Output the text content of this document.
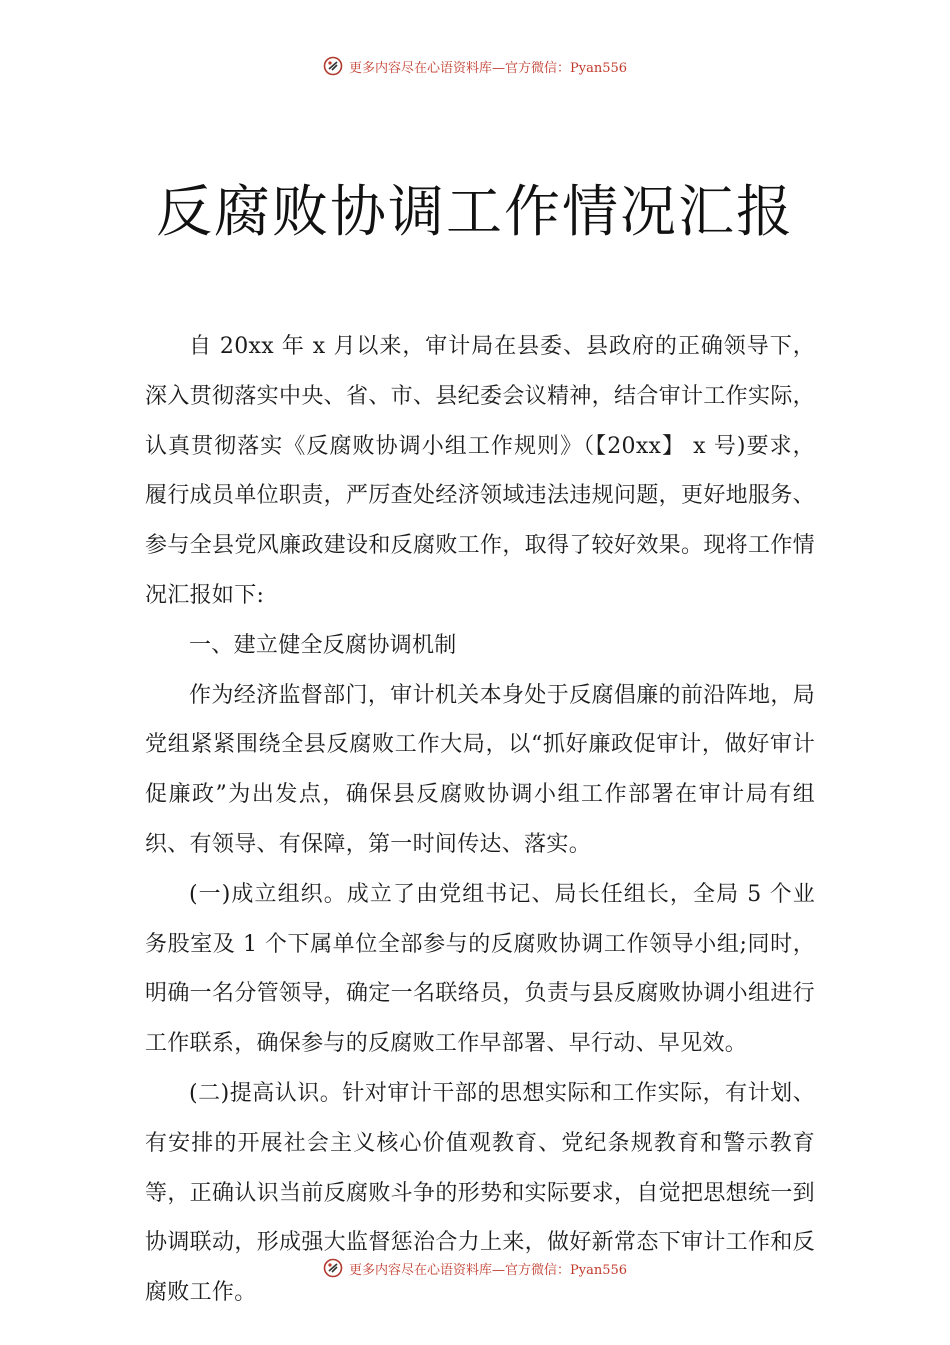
更多内容尽在心语资料库—官方微信：Pyan556
反腐败协调工作情况汇报

自 20xx 年 x 月以来，审计局在县委、县政府的正确领导下，深入贯彻落实中央、省、市、县纪委会议精神，结合审计工作实际，认真贯彻落实《反腐败协调小组工作规则》（【20xx】 x 号)要求，履行成员单位职责，严厉查处经济领域违法违规问题，更好地服务、参与全县党风廉政建设和反腐败工作，取得了较好效果。现将工作情况汇报如下:

一、建立健全反腐协调机制

作为经济监督部门，审计机关本身处于反腐倡廉的前沿阵地，局党组紧紧围绕全县反腐败工作大局，以“抓好廉政促审计，做好审计促廉政”为出发点，确保县反腐败协调小组工作部署在审计局有组织、有领导、有保障，第一时间传达、落实。

(一)成立组织。成立了由党组书记、局长任组长，全局 5 个业务股室及 1 个下属单位全部参与的反腐败协调工作领导小组;同时，明确一名分管领导，确定一名联络员，负责与县反腐败协调小组进行工作联系，确保参与的反腐败工作早部署、早行动、早见效。

(二)提高认识。针对审计干部的思想实际和工作实际，有计划、有安排的开展社会主义核心价值观教育、党纪条规教育和警示教育等，正确认识当前反腐败斗争的形势和实际要求，自觉把思想统一到协调联动，形成强大监督惩治合力上来，做好新常态下审计工作和反腐败工作。

更多内容尽在心语资料库—官方微信：Pyan556
